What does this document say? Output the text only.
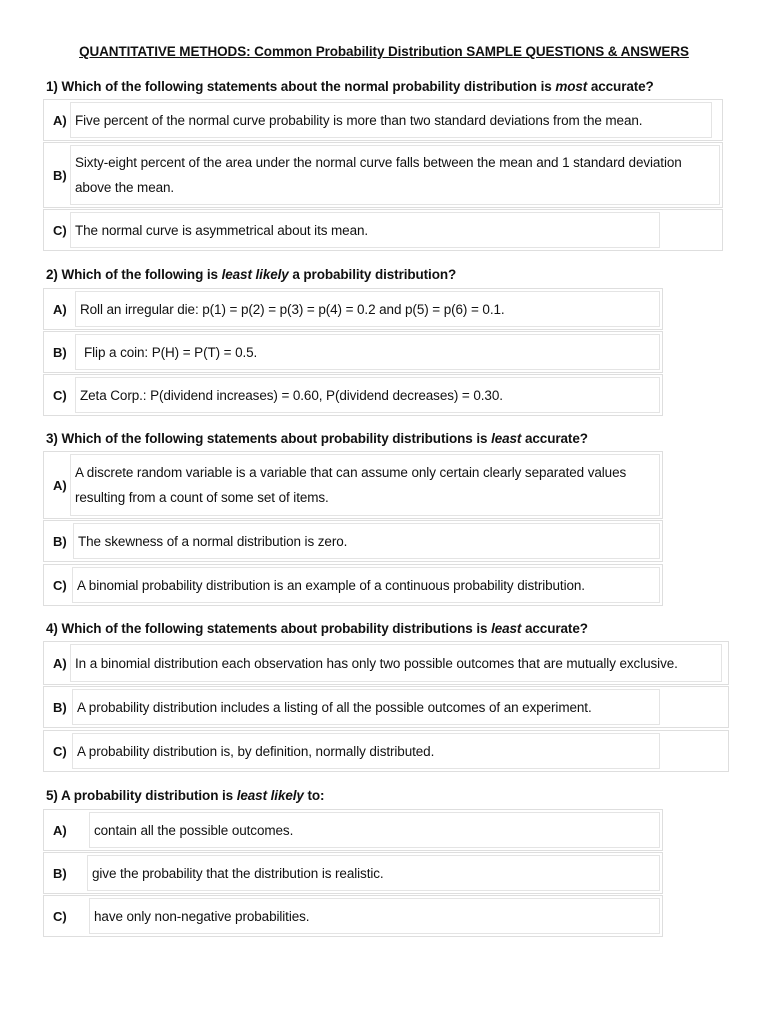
QUANTITATIVE METHODS: Common Probability Distribution SAMPLE QUESTIONS & ANSWERS
1) Which of the following statements about the normal probability distribution is most accurate?
A) Five percent of the normal curve probability is more than two standard deviations from the mean.
B)
Sixty-eight percent of the area under the normal curve falls between the mean and 1 standard deviation above the mean.
C) The normal curve is asymmetrical about its mean.
2) Which of the following is least likely a probability distribution?
A) Roll an irregular die: p(1) = p(2) = p(3) = p(4) = 0.2 and p(5) = p(6) = 0.1.
B)	Flip a coin: P(H) = P(T) = 0.5.
C) Zeta Corp.: P(dividend increases) = 0.60, P(dividend decreases) = 0.30.
3) Which of the following statements about probability distributions is least accurate?
A)
A discrete random variable is a variable that can assume only certain clearly separated values resulting from a count of some set of items.
B) The skewness of a normal distribution is zero.
C) A binomial probability distribution is an example of a continuous probability distribution.
4) Which of the following statements about probability distributions is least accurate?
A) In a binomial distribution each observation has only two possible outcomes that are mutually exclusive.
B) A probability distribution includes a listing of all the possible outcomes of an experiment.
C) A probability distribution is, by definition, normally distributed.
5) A probability distribution is least likely to:
A)	contain all the possible outcomes.
B)	give the probability that the distribution is realistic.
C)	have only non-negative probabilities.
